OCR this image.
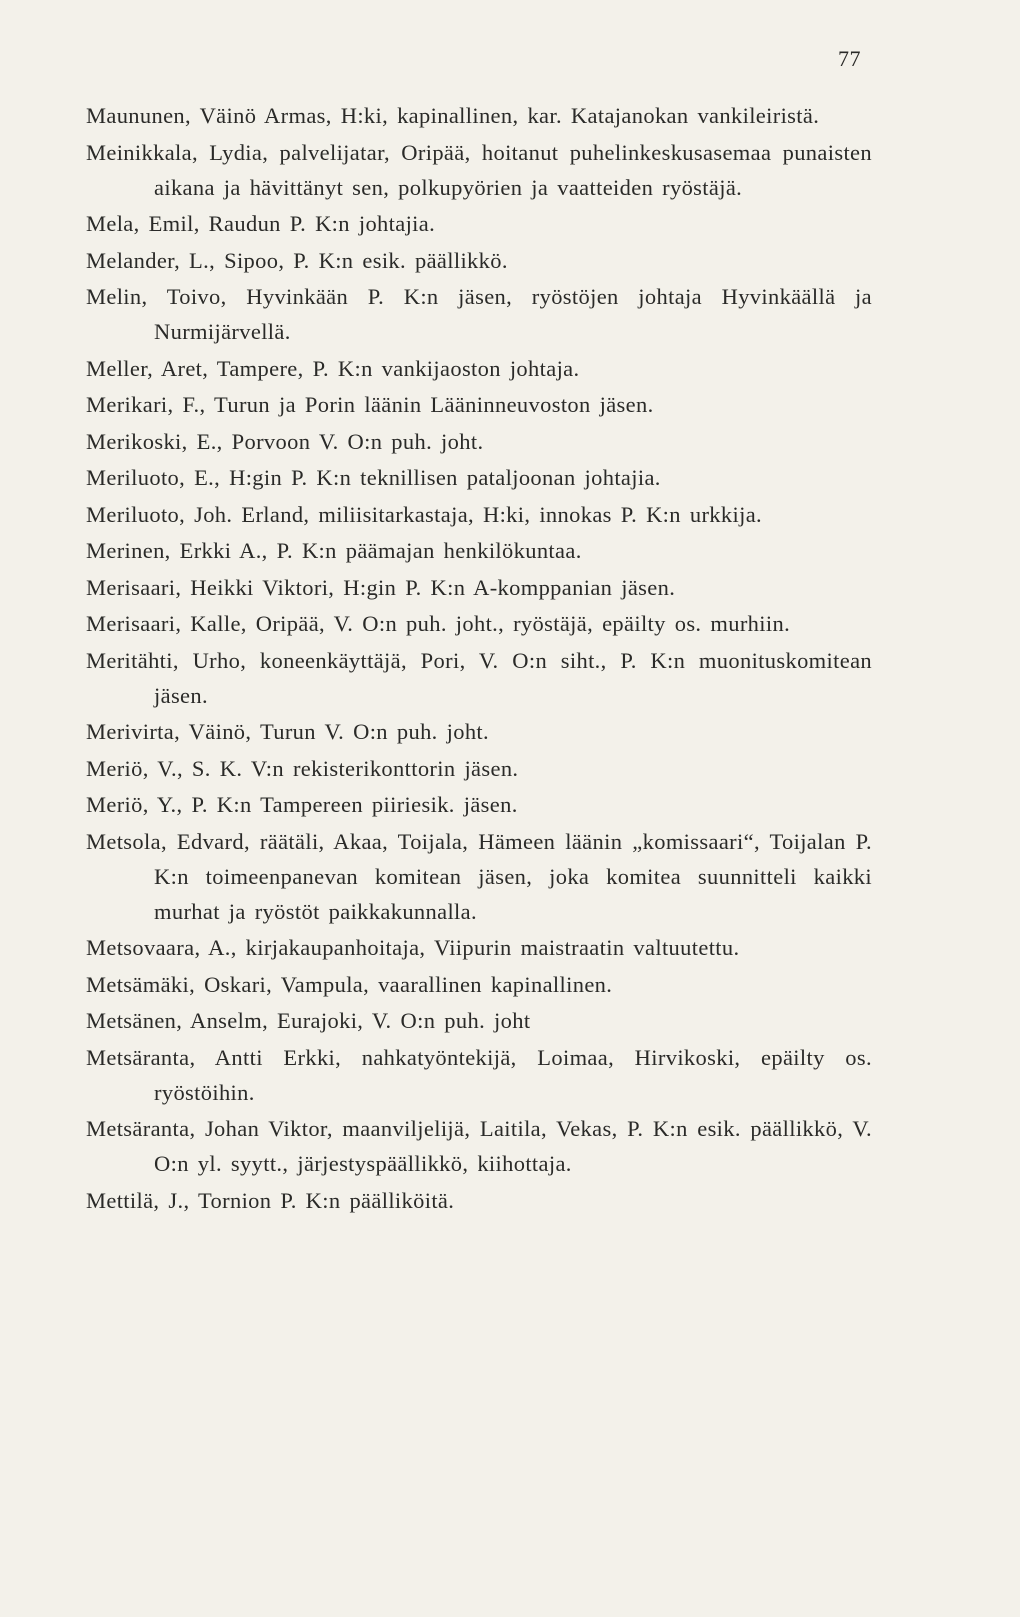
77

Maununen, Väinö Armas, H:ki, kapinallinen, kar. Katajanokan vankileiristä.

Meinikkala, Lydia, palvelijatar, Oripää, hoitanut puhelinkeskusasemaa punaisten aikana ja hävittänyt sen, polkupyörien ja vaatteiden ryöstäjä.

Mela, Emil, Raudun P. K:n johtajia.

Melander, L., Sipoo, P. K:n esik. päällikkö.

Melin, Toivo, Hyvinkään P. K:n jäsen, ryöstöjen johtaja Hyvinkäällä ja Nurmijärvellä.

Meller, Aret, Tampere, P. K:n vankijaoston johtaja.

Merikari, F., Turun ja Porin läänin Lääninneuvoston jäsen.

Merikoski, E., Porvoon V. O:n puh. joht.

Meriluoto, E., H:gin P. K:n teknillisen pataljoonan johtajia.

Meriluoto, Joh. Erland, miliisitarkastaja, H:ki, innokas P. K:n urkkija.

Merinen, Erkki A., P. K:n päämajan henkilökuntaa.

Merisaari, Heikki Viktori, H:gin P. K:n A-komppanian jäsen.

Merisaari, Kalle, Oripää, V. O:n puh. joht., ryöstäjä, epäilty os. murhiin.

Meritähti, Urho, koneenkäyttäjä, Pori, V. O:n siht., P. K:n muonituskomitean jäsen.

Merivirta, Väinö, Turun V. O:n puh. joht.

Meriö, V., S. K. V:n rekisterikonttorin jäsen.

Meriö, Y., P. K:n Tampereen piiriesik. jäsen.

Metsola, Edvard, räätäli, Akaa, Toijala, Hämeen läänin „komissaari“, Toijalan P. K:n toimeenpanevan komitean jäsen, joka komitea suunnitteli kaikki murhat ja ryöstöt paikkakunnalla.

Metsovaara, A., kirjakaupanhoitaja, Viipurin maistraatin valtuutettu.

Metsämäki, Oskari, Vampula, vaarallinen kapinallinen.

Metsänen, Anselm, Eurajoki, V. O:n puh. joht

Metsäranta, Antti Erkki, nahkatyöntekijä, Loimaa, Hirvikoski, epäilty os. ryöstöihin.

Metsäranta, Johan Viktor, maanviljelijä, Laitila, Vekas, P. K:n esik. päällikkö, V. O:n yl. syytt., järjestyspäällikkö, kiihottaja.

Mettilä, J., Tornion P. K:n päälliköitä.
